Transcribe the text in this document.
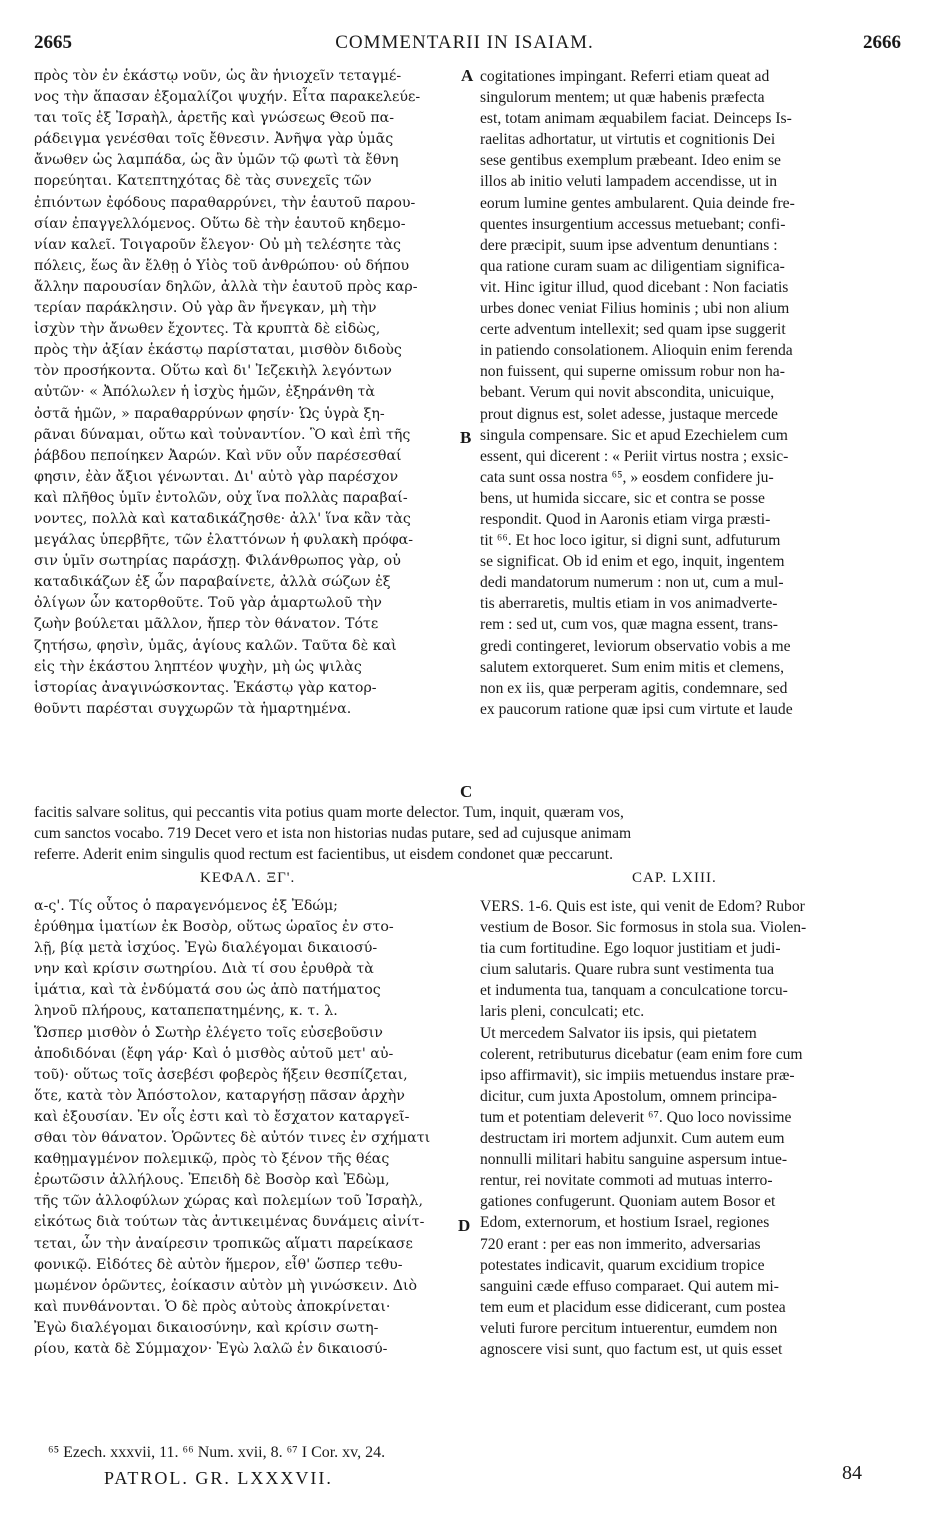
2665	COMMENTARII IN ISAIAM.	2666
πρὸς τὸν ἐν ἑκάστῳ νοῦν, ὡς ἂν ἡνιοχεῖν τεταγμέ-
νος τὴν ἅπασαν ἐξομαλίζοι ψυχήν. Εἶτα παρακελεύε-
ται τοῖς ἐξ Ἰσραὴλ, ἀρετῆς καὶ γνώσεως Θεοῦ πα-
ράδειγμα γενέσθαι τοῖς ἔθνεσιν. Ἀνῆψα γὰρ ὑμᾶς
ἄνωθεν ὡς λαμπάδα, ὡς ἂν ὑμῶν τῷ φωτὶ τὰ ἔθνη
πορεύηται. Κατεπτηχότας δὲ τὰς συνεχεῖς τῶν
ἐπιόντων ἐφόδους παραθαρρύνει, τὴν ἑαυτοῦ παρου-
σίαν ἐπαγγελλόμενος. Οὕτω δὲ τὴν ἑαυτοῦ κηδεμο-
νίαν καλεῖ. Τοιγαροῦν ἔλεγον· Οὐ μὴ τελέσητε τὰς
πόλεις, ἕως ἂν ἔλθῃ ὁ Υἱὸς τοῦ ἀνθρώπου· οὐ δήπου
ἄλλην παρουσίαν δηλῶν, ἀλλὰ τὴν ἑαυτοῦ πρὸς καρ-
τερίαν παράκλησιν. Οὐ γὰρ ἂν ἤνεγκαν, μὴ τὴν
ἰσχὺν τὴν ἄνωθεν ἔχοντες. Τὰ κρυπτὰ δὲ εἰδὼς,
πρὸς τὴν ἀξίαν ἑκάστῳ παρίσταται, μισθὸν διδοὺς
τὸν προσήκοντα. Οὕτω καὶ δι' Ἰεζεκιὴλ λεγόντων
αὐτῶν· « Ἀπόλωλεν ἡ ἰσχὺς ἡμῶν, ἐξηράνθη τὰ
ὀστᾶ ἡμῶν, » παραθαρρύνων φησίν· Ὡς ὑγρὰ ξη-
ρᾶναι δύναμαι, οὕτω καὶ τοὐναντίον. Ὃ καὶ ἐπὶ τῆς
ῥάβδου πεποίηκεν Ἀαρών. Καὶ νῦν οὖν παρέσεσθαί
φησιν, ἐὰν ἄξιοι γένωνται. Δι' αὐτὸ γὰρ παρέσχον
καὶ πλῆθος ὑμῖν ἐντολῶν, οὐχ ἵνα πολλὰς παραβαί-
νοντες, πολλὰ καὶ καταδικάζησθε· ἀλλ' ἵνα κἂν τὰς
μεγάλας ὑπερβῆτε, τῶν ἐλαττόνων ἡ φυλακὴ πρόφα-
σιν ὑμῖν σωτηρίας παράσχῃ. Φιλάνθρωπος γὰρ, οὐ
καταδικάζων ἐξ ὧν παραβαίνετε, ἀλλὰ σώζων ἐξ
ὀλίγων ὧν κατορθοῦτε. Τοῦ γὰρ ἁμαρτωλοῦ τὴν
ζωὴν βούλεται μᾶλλον, ἤπερ τὸν θάνατον. Τότε
ζητήσω, φησὶν, ὑμᾶς, ἁγίους καλῶν. Ταῦτα δὲ καὶ
εἰς τὴν ἑκάστου ληπτέον ψυχὴν, μὴ ὡς ψιλὰς
ἱστορίας ἀναγινώσκοντας. Ἑκάστῳ γὰρ κατορ-
θοῦντι παρέσται συγχωρῶν τὰ ἡμαρτημένα.
cogitationes impingant. Referri etiam queat ad
singulorum mentem; ut quæ habenis præfecta
est, totam animam æquabilem faciat. Deinceps Is-
raelitas adhortatur, ut virtutis et cognitionis Dei
sese gentibus exemplum præbeant. Ideo enim se
illos ab initio veluti lampadem accendisse, ut in
eorum lumine gentes ambularent. Quia deinde fre-
quentes insurgentium accessus metuebant; confi-
dere præcipit, suum ipse adventum denuntians :
qua ratione curam suam ac diligentiam significa-
vit. Hinc igitur illud, quod dicebant : Non faciatis
urbes donec veniat Filius hominis ; ubi non alium
certe adventum intellexit; sed quam ipse suggerit
in patiendo consolationem. Alioquin enim ferenda
non fuissent, qui superne omissum robur non ha-
bebant. Verum qui novit abscondita, unicuique,
prout dignus est, solet adesse, justaque mercede
singula compensare. Sic et apud Ezechielem cum
essent, qui dicerent : « Periit virtus nostra ; exsic-
cata sunt ossa nostra ⁶⁵, » eosdem confidere ju-
bens, ut humida siccare, sic et contra se posse
respondit. Quod in Aaronis etiam virga præsti-
tit ⁶⁶. Et hoc loco igitur, si digni sunt, adfuturum
se significat. Ob id enim et ego, inquit, ingentem
dedi mandatorum numerum : non ut, cum a mul-
tis aberraretis, multis etiam in vos animadverte-
rem : sed ut, cum vos, quæ magna essent, trans-
gredi contingeret, leviorum observatio vobis a me
salutem extorqueret. Sum enim mitis et clemens,
non ex iis, quæ perperam agitis, condemnare, sed
ex paucorum ratione quæ ipsi cum virtute et laude
A
B
C
D
facitis salvare solitus, qui peccantis vita potius quam morte delector. Tum, inquit, quæram vos,
cum sanctos vocabo. 719 Decet vero et ista non historias nudas putare, sed ad cujusque animam
referre. Aderit enim singulis quod rectum est facientibus, ut eisdem condonet quæ peccarunt.
ΚΕΦΑΛ. ΞΓ'.	CAP. LXIII.
α-ς'. Τίς οὗτος ὁ παραγενόμενος ἐξ Ἐδώμ;
ἐρύθημα ἱματίων ἐκ Βοσὸρ, οὕτως ὡραῖος ἐν στο-
λῇ, βίᾳ μετὰ ἰσχύος. Ἐγὼ διαλέγομαι δικαιοσύ-
νην καὶ κρίσιν σωτηρίου. Διὰ τί σου ἐρυθρὰ τὰ
ἱμάτια, καὶ τὰ ἐνδύματά σου ὡς ἀπὸ πατήματος
ληνοῦ πλήρους, καταπεπατημένης, κ. τ. λ.
Ὥσπερ μισθὸν ὁ Σωτὴρ ἐλέγετο τοῖς εὐσεβοῦσιν
ἀποδιδόναι (ἔφη γάρ· Καὶ ὁ μισθὸς αὐτοῦ μετ' αὐ-
τοῦ)· οὕτως τοῖς ἀσεβέσι φοβερὸς ἥξειν θεσπίζεται,
ὅτε, κατὰ τὸν Ἀπόστολον, καταργήσῃ πᾶσαν ἀρχὴν
καὶ ἐξουσίαν. Ἐν οἷς ἐστι καὶ τὸ ἔσχατον καταργεῖ-
σθαι τὸν θάνατον. Ὁρῶντες δὲ αὐτόν τινες ἐν σχήματι
καθῃμαγμένον πολεμικῷ, πρὸς τὸ ξένον τῆς θέας
ἐρωτῶσιν ἀλλήλους. Ἐπειδὴ δὲ Βοσὸρ καὶ Ἐδὼμ,
τῆς τῶν ἀλλοφύλων χώρας καὶ πολεμίων τοῦ Ἰσραὴλ,
εἰκότως διὰ τούτων τὰς ἀντικειμένας δυνάμεις αἰνίτ-
τεται, ὧν τὴν ἀναίρεσιν τροπικῶς αἵματι παρείκασε
φονικῷ. Εἰδότες δὲ αὐτὸν ἥμερον, εἶθ' ὥσπερ τεθυ-
μωμένον ὁρῶντες, ἐοίκασιν αὐτὸν μὴ γινώσκειν. Διὸ
καὶ πυνθάνονται. Ὁ δὲ πρὸς αὐτοὺς ἀποκρίνεται·
Ἐγὼ διαλέγομαι δικαιοσύνην, καὶ κρίσιν σωτη-
ρίου, κατὰ δὲ Σύμμαχον· Ἐγὼ λαλῶ ἐν δικαιοσύ-
VERS. 1-6. Quis est iste, qui venit de Edom? Rubor
vestium de Bosor. Sic formosus in stola sua. Violen-
tia cum fortitudine. Ego loquor justitiam et judi-
cium salutaris. Quare rubra sunt vestimenta tua
et indumenta tua, tanquam a conculcatione torcu-
laris pleni, conculcati; etc.
Ut mercedem Salvator iis ipsis, qui pietatem
colerent, retributurus dicebatur (eam enim fore cum
ipso affirmavit), sic impiis metuendus instare præ-
dicitur, cum juxta Apostolum, omnem principa-
tum et potentiam deleverit ⁶⁷. Quo loco novissime
destructam iri mortem adjunxit. Cum autem eum
nonnulli militari habitu sanguine aspersum intue-
rentur, rei novitate commoti ad mutuas interro-
gationes confugerunt. Quoniam autem Bosor et
Edom, externorum, et hostium Israel, regiones
720 erant : per eas non immerito, adversarias
potestates indicavit, quarum excidium tropice
sanguini cæde effuso comparaet. Qui autem mi-
tem eum et placidum esse didicerant, cum postea
veluti furore percitum intuerentur, eumdem non
agnoscere visi sunt, quo factum est, ut quis esset
⁶⁵ Ezech. xxxvii, 11. ⁶⁶ Num. xvii, 8. ⁶⁷ I Cor. xv, 24.
PATROL. GR. LXXXVII.	84
